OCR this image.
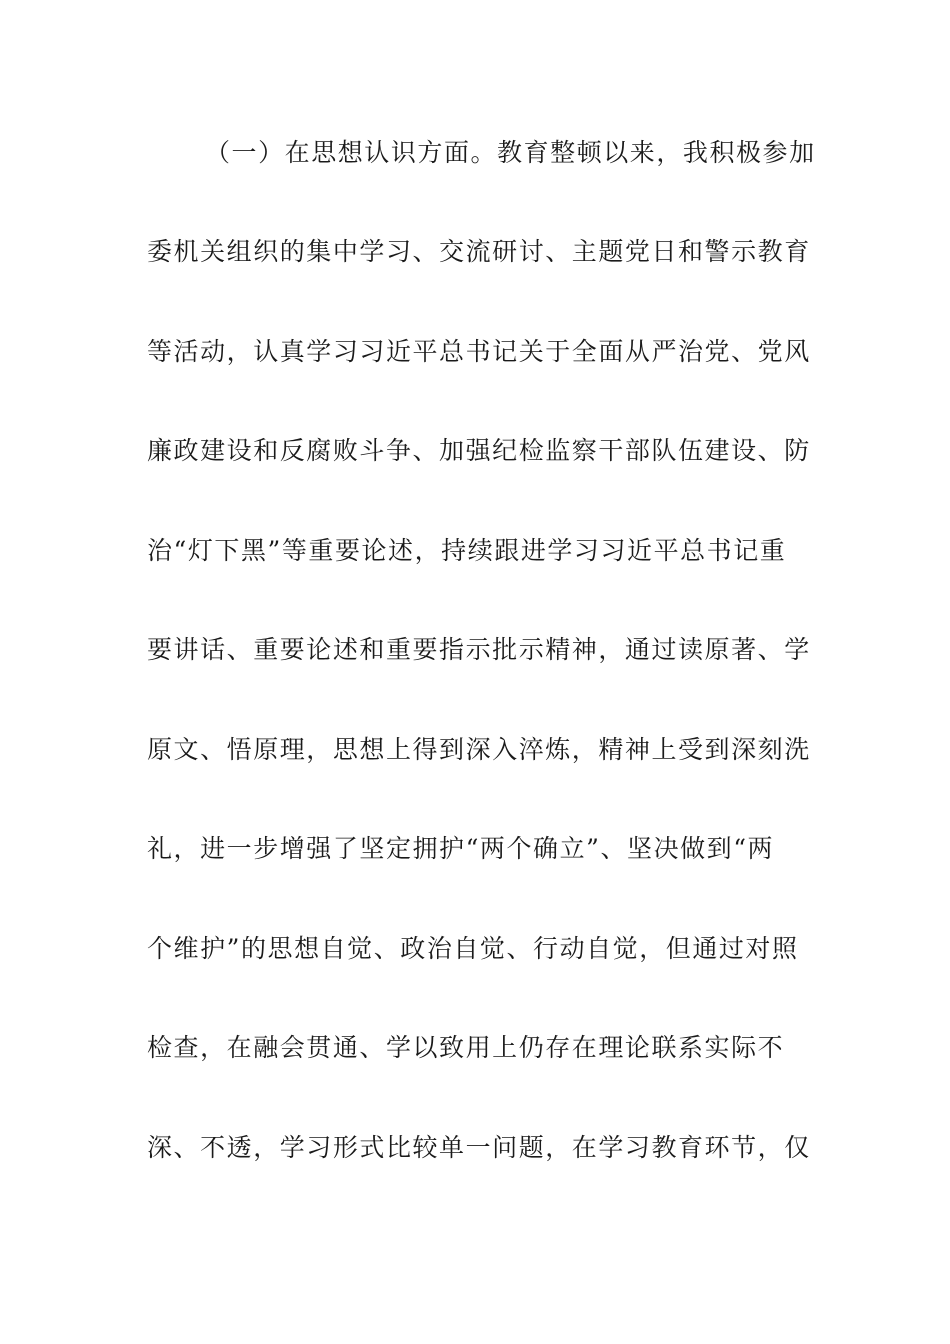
（一）在思想认识方面。教育整顿以来，我积极参加
委机关组织的集中学习、交流研讨、主题党日和警示教育
等活动，认真学习习近平总书记关于全面从严治党、党风
廉政建设和反腐败斗争、加强纪检监察干部队伍建设、防
治“灯下黑”等重要论述，持续跟进学习习近平总书记重
要讲话、重要论述和重要指示批示精神，通过读原著、学
原文、悟原理，思想上得到深入淬炼，精神上受到深刻洗
礼，进一步增强了坚定拥护“两个确立”、坚决做到“两
个维护”的思想自觉、政治自觉、行动自觉，但通过对照
检查，在融会贯通、学以致用上仍存在理论联系实际不
深、不透，学习形式比较单一问题，在学习教育环节，仅
